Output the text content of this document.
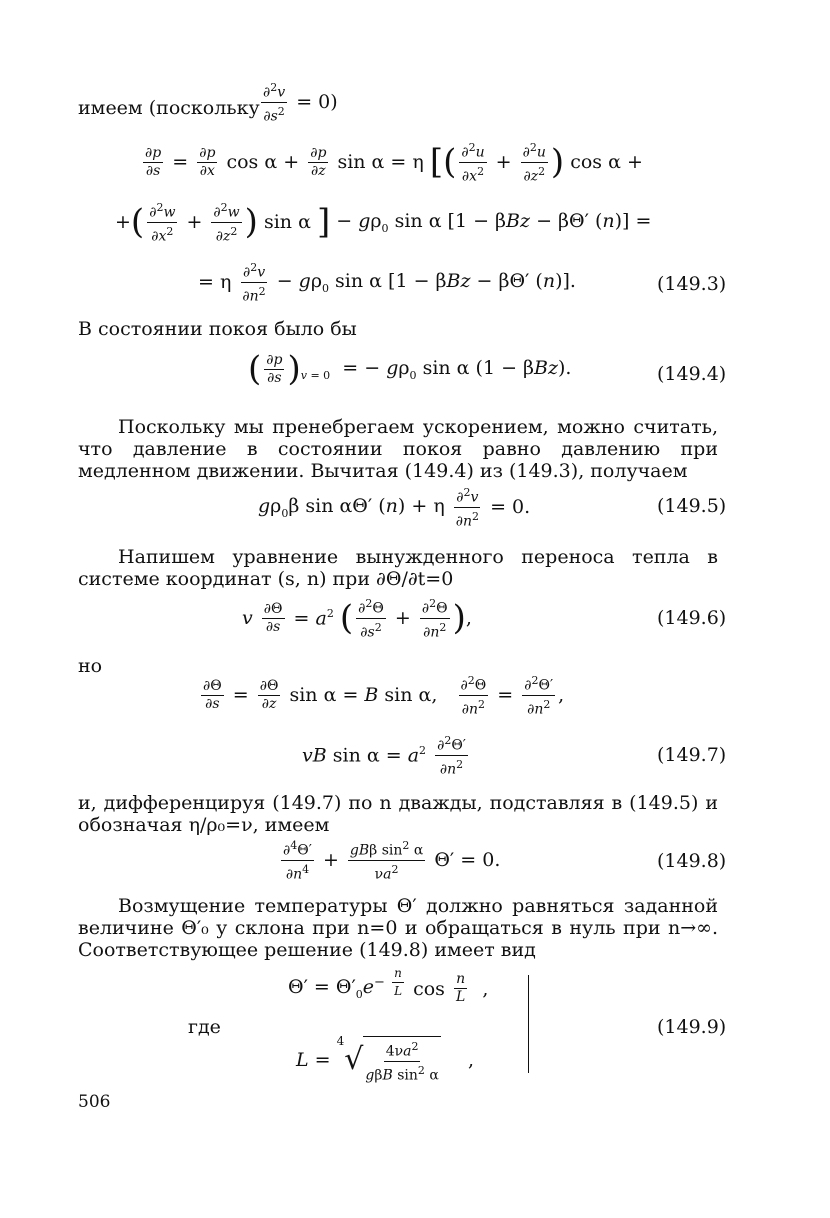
имеем (поскольку $\frac{\partial^2v}{\partial s^2} = 0$)
$\frac{\partial p}{\partial s} = \frac{\partial p}{\partial x}$ $\cos \alpha + \frac{\partial p}{\partial z}$ sin α = η [ ( $\frac{\partial^2u}{\partial x^2} + \frac{\partial^2u}{\partial z^2}$ ) cos α +
+ ( $\frac{\partial^2w}{\partial x^2} + \frac{\partial^2w}{\partial z^2}$ ) sin α ] − $g\rho_0$ sin α [1 − βBz − βΘ′ (n)] =
= η $\frac{\partial^2v}{\partial n^2} - g\rho_0$ sin α [1 − βBz − βΘ′ (n)].	(149.3)
В состоянии покоя было бы
( $\frac{\partial p}{\partial s}$ ) v = 0 = − $g\rho_0$ sin α (1 − βBz).	(149.4)
Поскольку мы пренебрегаем ускорением, можно считать, что давление в состоянии покоя равно давлению при медленном движении. Вычитая (149.4) из (149.3), получаем
$g\rho_0\beta$ sin αΘ′ (n) + η $\frac{\partial^2v}{\partial n^2} = 0$.	(149.5)
Напишем уравнение вынужденного переноса тепла в системе координат (s, n) при ∂Θ/∂t=0
v $\frac{\partial\Theta}{\partial s} = a^2$ ( $\frac{\partial^2\Theta}{\partial s^2} + \frac{\partial^2\Theta}{\partial n^2}$ ) ,	(149.6)
но
$\frac{\partial\Theta}{\partial s} = \frac{\partial\Theta}{\partial z}$ sin α = B sin α, $\frac{\partial^2\Theta}{\partial n^2} = \frac{\partial^2\Theta'}{\partial n^2}$ ,
vB $\sin \alpha = a^2 \frac{\partial^2\Theta'}{\partial n^2}$	(149.7)
и, дифференцируя (149.7) по n дважды, подставляя в (149.5) и обозначая η/ρ₀=ν, имеем
$\frac{\partial^4\Theta'}{\partial n^4} + \frac{gB\beta \sin^2 \alpha}{\nu a^2} \Theta' = 0$.	(149.8)
Возмущение температуры Θ′ должно равняться заданной величине Θ′₀ у склона при n=0 и обращаться в нуль при n→∞. Соответствующее решение (149.8) имеет вид
$\Theta' = \Theta'_0e - \frac{n}{L}$ $\cos \frac{n}{L}$ ,
где
L =
4
√ $\frac{4\nu a^2}{g\beta B \sin^2 \alpha}$ ,
(149.9)
506
